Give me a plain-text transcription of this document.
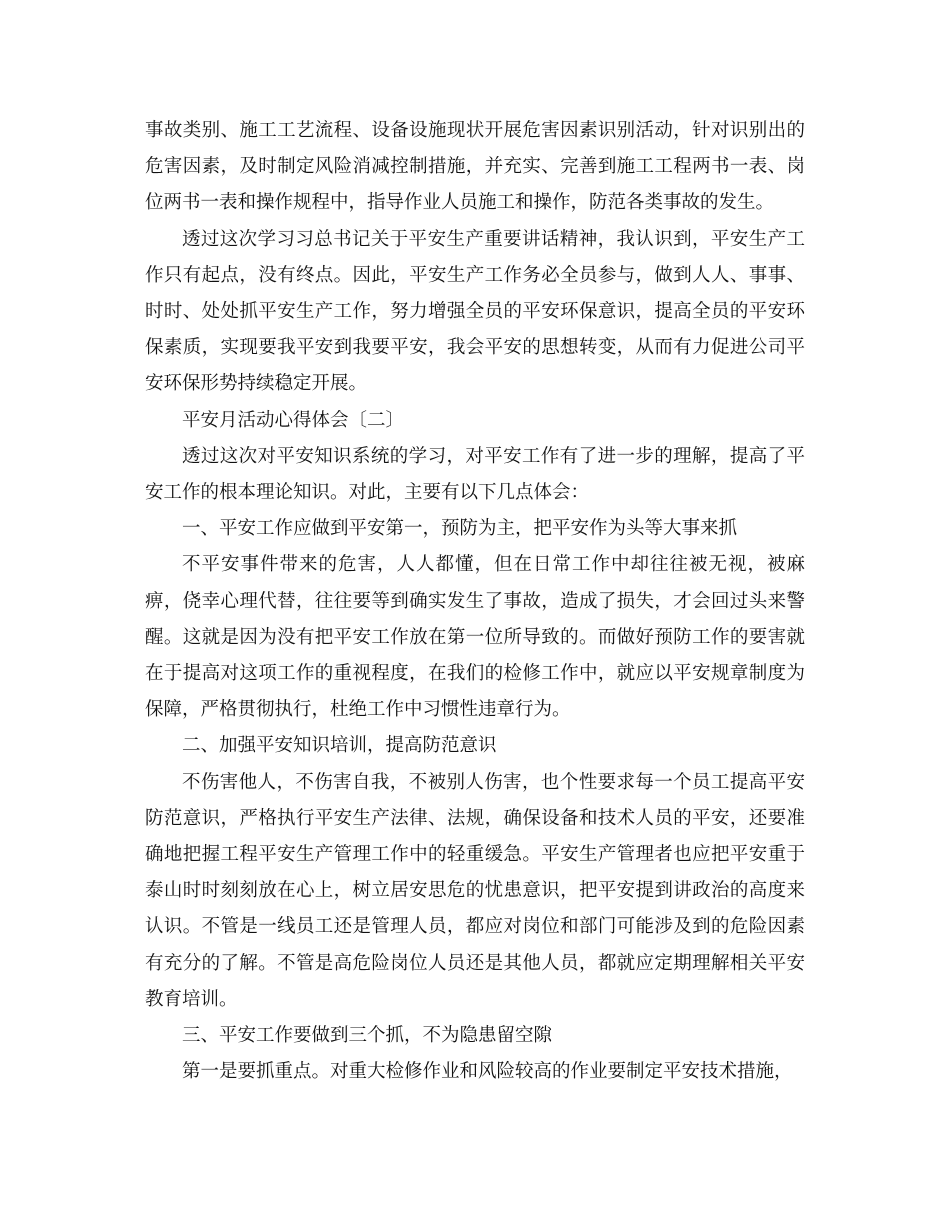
事故类别、施工工艺流程、设备设施现状开展危害因素识别活动，针对识别出的危害因素，及时制定风险消减控制措施，并充实、完善到施工工程两书一表、岗位两书一表和操作规程中，指导作业人员施工和操作，防范各类事故的发生。

透过这次学习习总书记关于平安生产重要讲话精神，我认识到，平安生产工作只有起点，没有终点。因此，平安生产工作务必全员参与，做到人人、事事、时时、处处抓平安生产工作，努力增强全员的平安环保意识，提高全员的平安环保素质，实现要我平安到我要平安，我会平安的思想转变，从而有力促进公司平安环保形势持续稳定开展。

平安月活动心得体会〔二〕

透过这次对平安知识系统的学习，对平安工作有了进一步的理解，提高了平安工作的根本理论知识。对此，主要有以下几点体会：

一、平安工作应做到平安第一，预防为主，把平安作为头等大事来抓

不平安事件带来的危害，人人都懂，但在日常工作中却往往被无视，被麻痹，侥幸心理代替，往往要等到确实发生了事故，造成了损失，才会回过头来警醒。这就是因为没有把平安工作放在第一位所导致的。而做好预防工作的要害就在于提高对这项工作的重视程度，在我们的检修工作中，就应以平安规章制度为保障，严格贯彻执行，杜绝工作中习惯性违章行为。

二、加强平安知识培训，提高防范意识

不伤害他人，不伤害自我，不被别人伤害，也个性要求每一个员工提高平安防范意识，严格执行平安生产法律、法规，确保设备和技术人员的平安，还要准确地把握工程平安生产管理工作中的轻重缓急。平安生产管理者也应把平安重于泰山时时刻刻放在心上，树立居安思危的忧患意识，把平安提到讲政治的高度来认识。不管是一线员工还是管理人员，都应对岗位和部门可能涉及到的危险因素有充分的了解。不管是高危险岗位人员还是其他人员，都就应定期理解相关平安教育培训。

三、平安工作要做到三个抓，不为隐患留空隙

第一是要抓重点。对重大检修作业和风险较高的作业要制定平安技术措施，
